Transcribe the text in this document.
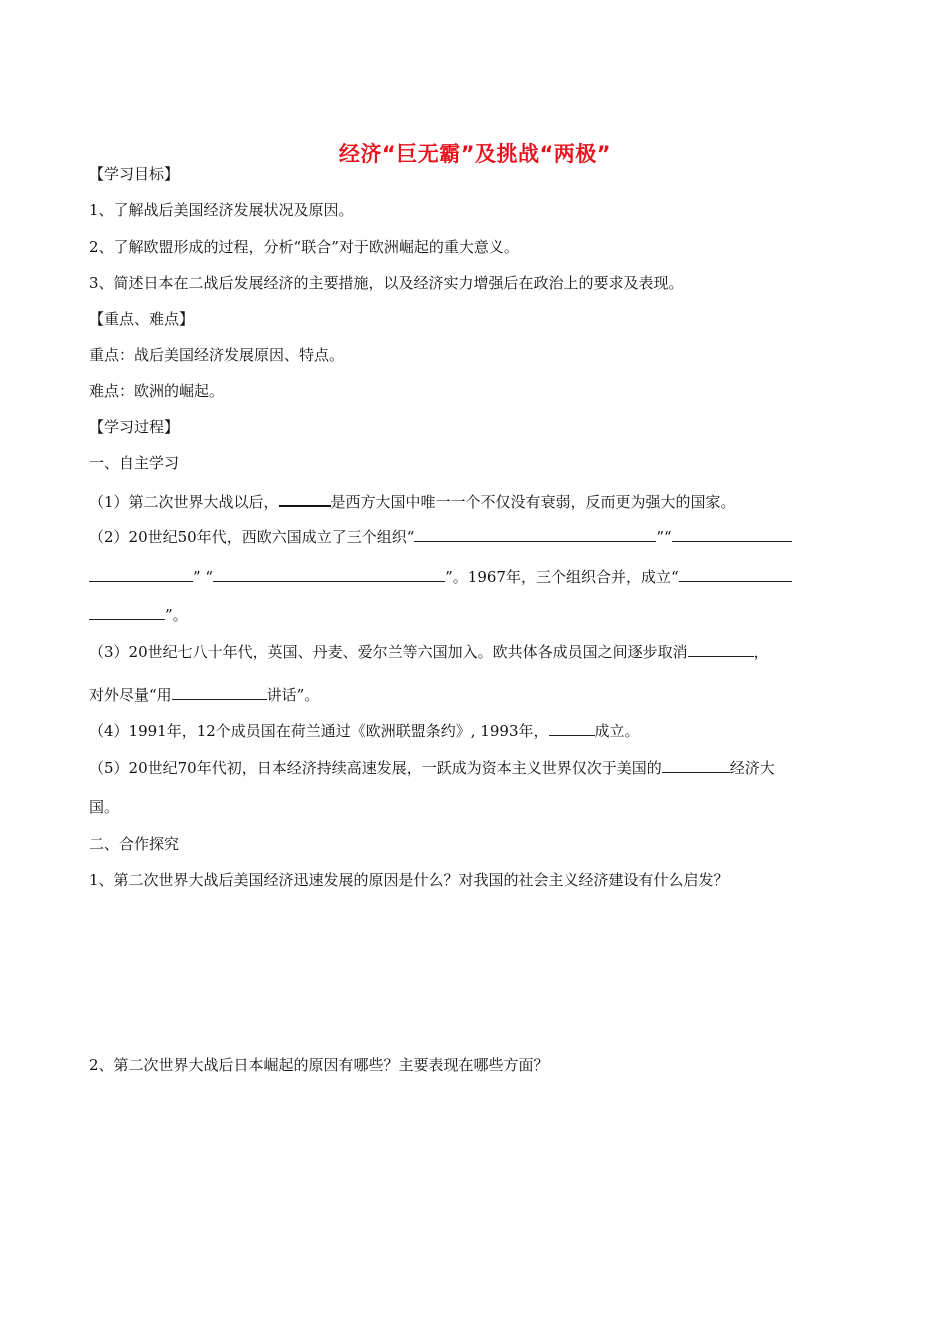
经济“巨无霸”及挑战“两极”
【学习目标】
1、了解战后美国经济发展状况及原因。
2、了解欧盟形成的过程，分析“联合”对于欧洲崛起的重大意义。
3、简述日本在二战后发展经济的主要措施，以及经济实力增强后在政治上的要求及表现。
【重点、难点】
重点：战后美国经济发展原因、特点。
难点：欧洲的崛起。
【学习过程】
一、自主学习
（1）第二次世界大战以后，	是西方大国中唯一一个不仅没有衰弱，反而更为强大的国家。
（2）20世纪50年代，西欧六国成立了三个组织“	”“
” “	”。1967年，三个组织合并，成立“
”。
（3）20世纪七八十年代，英国、丹麦、爱尔兰等六国加入。欧共体各成员国之间逐步取消	，
对外尽量“用	讲话”。
（4）1991年，12个成员国在荷兰通过《欧洲联盟条约》, 1993年，	成立。
（5）20世纪70年代初，日本经济持续高速发展，一跃成为资本主义世界仅次于美国的	经济大
国。
二、合作探究
1、第二次世界大战后美国经济迅速发展的原因是什么？对我国的社会主义经济建设有什么启发？
2、第二次世界大战后日本崛起的原因有哪些？主要表现在哪些方面？
